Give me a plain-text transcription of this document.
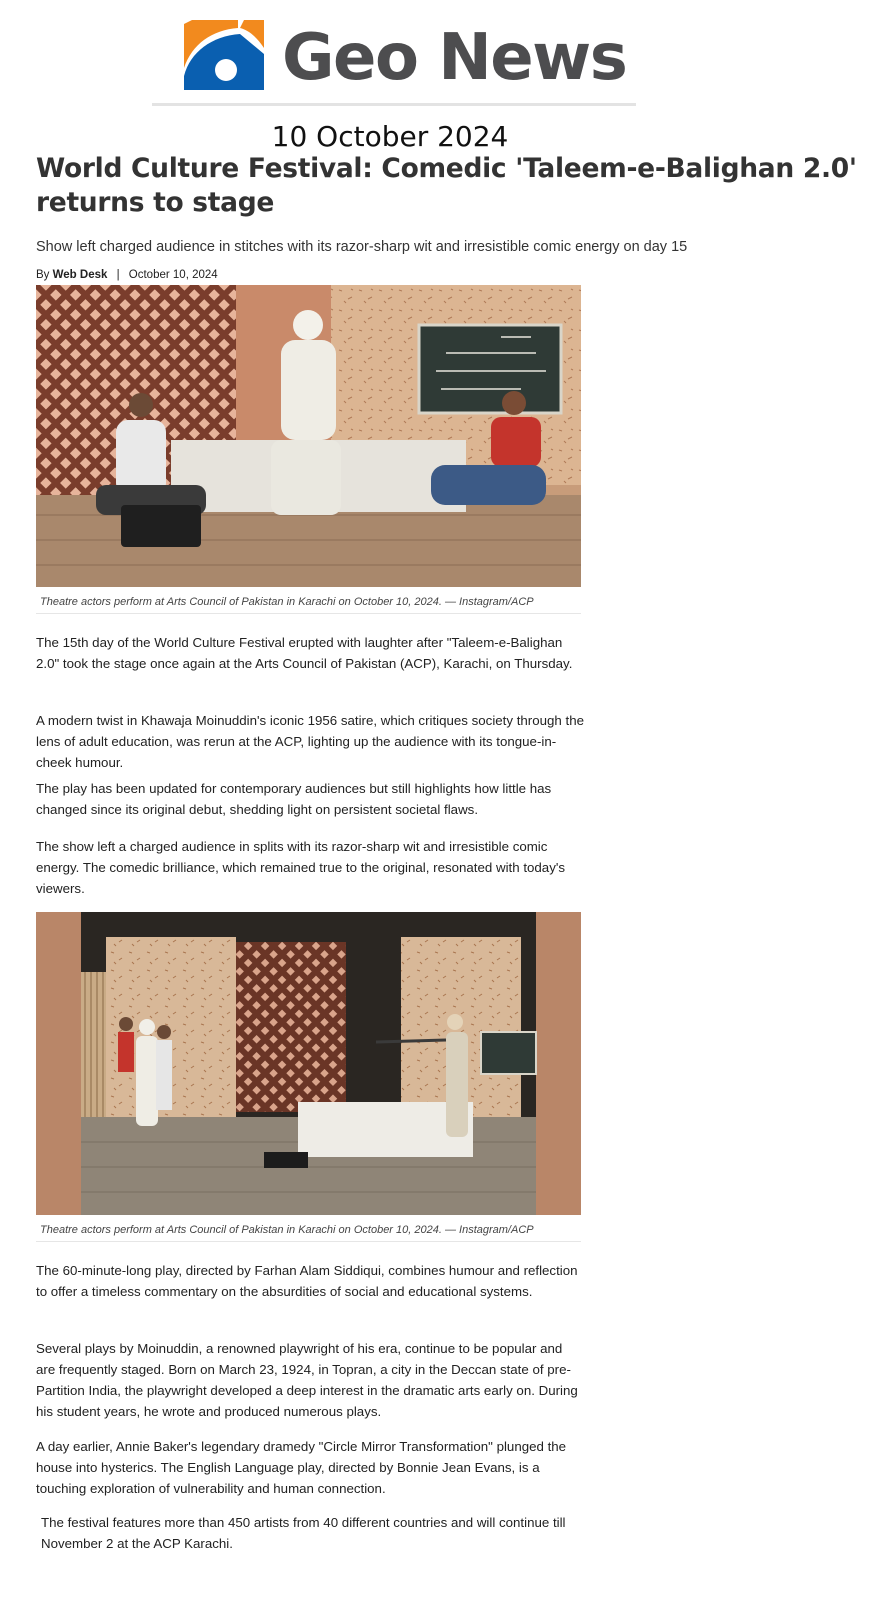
Geo News
10 October 2024
World Culture Festival: Comedic 'Taleem-e-Balighan 2.0' returns to stage

Show left charged audience in stitches with its razor-sharp wit and irresistible comic energy on day 15

By Web Desk | October 10, 2024
Theatre actors perform at Arts Council of Pakistan in Karachi on October 10, 2024. — Instagram/ACP

The 15th day of the World Culture Festival erupted with laughter after "Taleem-e-Balighan 2.0" took the stage once again at the Arts Council of Pakistan (ACP), Karachi, on Thursday.

A modern twist in Khawaja Moinuddin's iconic 1956 satire, which critiques society through the lens of adult education, was rerun at the ACP, lighting up the audience with its tongue-in-cheek humour.

The play has been updated for contemporary audiences but still highlights how little has changed since its original debut, shedding light on persistent societal flaws.

The show left a charged audience in splits with its razor-sharp wit and irresistible comic energy. The comedic brilliance, which remained true to the original, resonated with today's viewers.

Theatre actors perform at Arts Council of Pakistan in Karachi on October 10, 2024. — Instagram/ACP

The 60-minute-long play, directed by Farhan Alam Siddiqui, combines humour and reflection to offer a timeless commentary on the absurdities of social and educational systems.

Several plays by Moinuddin, a renowned playwright of his era, continue to be popular and are frequently staged. Born on March 23, 1924, in Topran, a city in the Deccan state of pre-Partition India, the playwright developed a deep interest in the dramatic arts early on. During his student years, he wrote and produced numerous plays.

A day earlier, Annie Baker's legendary dramedy "Circle Mirror Transformation" plunged the house into hysterics. The English Language play, directed by Bonnie Jean Evans, is a touching exploration of vulnerability and human connection.

The festival features more than 450 artists from 40 different countries and will continue till November 2 at the ACP Karachi.
